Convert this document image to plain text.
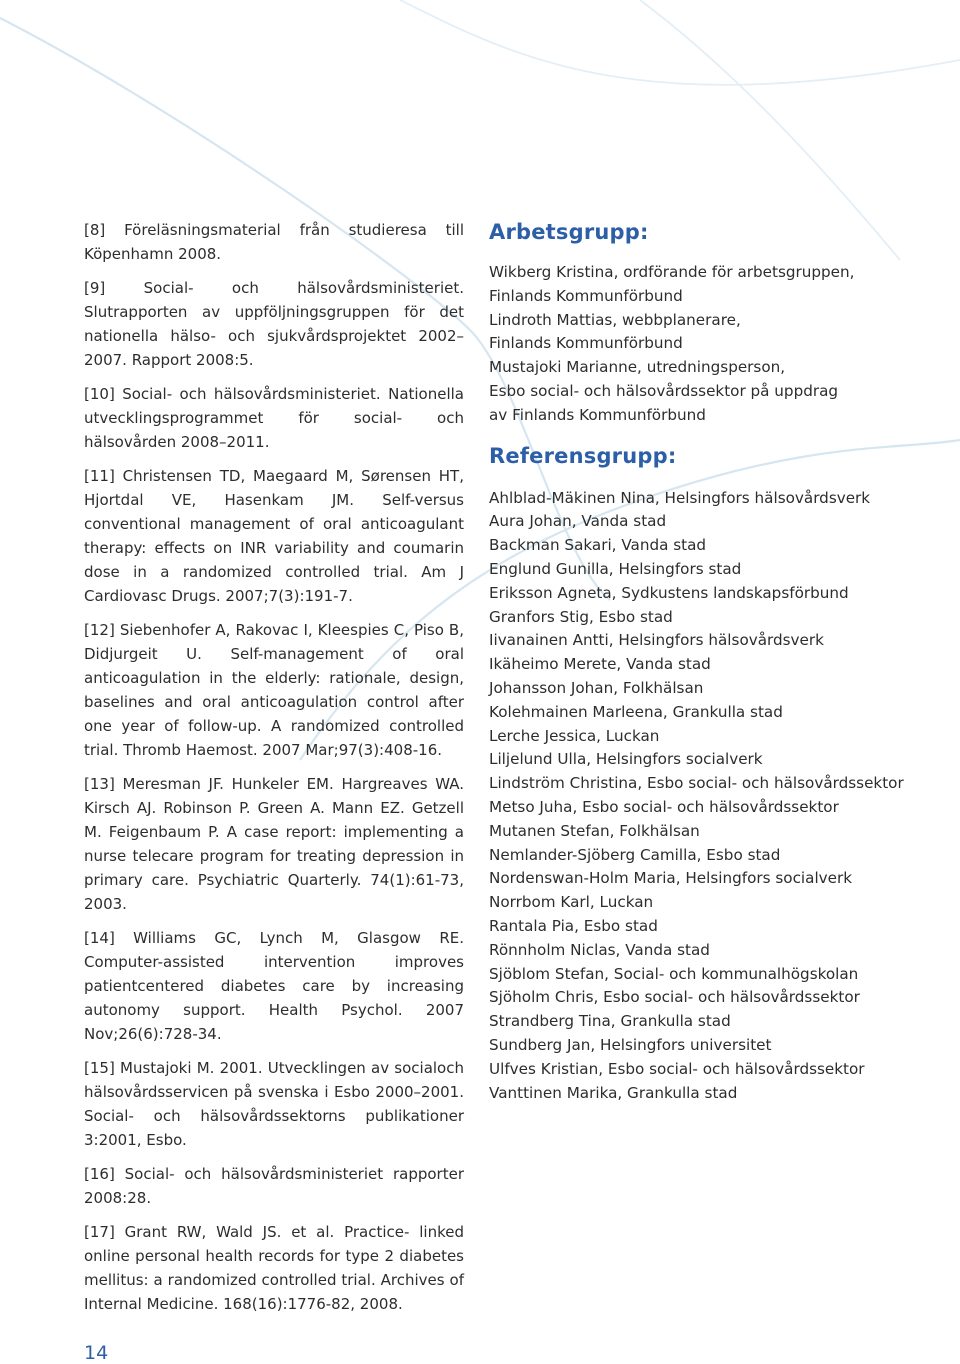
[8] Föreläsningsmaterial från studieresa till Köpenhamn 2008.

[9] Social- och hälsovårdsministeriet. Slutrapporten av uppföljningsgruppen för det nationella hälso- och sjukvårdsprojektet 2002–2007. Rapport 2008:5.

[10] Social- och hälsovårdsministeriet. Nationella utvecklingsprogrammet för social- och hälsovården 2008–2011.

[11] Christensen TD, Maegaard M, Sørensen HT, Hjortdal VE, Hasenkam JM. Self-versus conventional management of oral anticoagulant therapy: effects on INR variability and coumarin dose in a randomized controlled trial. Am J Cardiovasc Drugs. 2007;7(3):191-7.

[12] Siebenhofer A, Rakovac I, Kleespies C, Piso B, Didjurgeit U. Self-management of oral anticoagulation in the elderly: rationale, design, baselines and oral anticoagulation control after one year of follow-up. A randomized controlled trial. Thromb Haemost. 2007 Mar;97(3):408-16.

[13] Meresman JF. Hunkeler EM. Hargreaves WA. Kirsch AJ. Robinson P. Green A. Mann EZ. Getzell M. Feigenbaum P. A case report: implementing a nurse telecare program for treating depression in primary care. Psychiatric Quarterly. 74(1):61-73, 2003.

[14] Williams GC, Lynch M, Glasgow RE. Computer-assisted intervention improves patientcentered diabetes care by increasing autonomy support. Health Psychol. 2007 Nov;26(6):728-34.

[15] Mustajoki M. 2001. Utvecklingen av socialoch hälsovårdsservicen på svenska i Esbo 2000–2001. Social- och hälsovårdssektorns publikationer 3:2001, Esbo.

[16] Social- och hälsovårdsministeriet rapporter 2008:28.

[17] Grant RW, Wald JS. et al. Practice- linked online personal health records for type 2 diabetes mellitus: a randomized controlled trial. Archives of Internal Medicine. 168(16):1776-82, 2008.

Arbetsgrupp:
Wikberg Kristina, ordförande för arbetsgruppen,
Finlands Kommunförbund
Lindroth Mattias, webbplanerare,
Finlands Kommunförbund
Mustajoki Marianne, utredningsperson,
Esbo social- och hälsovårdssektor på uppdrag
av Finlands Kommunförbund
Referensgrupp:
Ahlblad-Mäkinen Nina, Helsingfors hälsovårdsverk
Aura Johan, Vanda stad
Backman Sakari, Vanda stad
Englund Gunilla, Helsingfors stad
Eriksson Agneta, Sydkustens landskapsförbund
Granfors Stig, Esbo stad
Iivanainen Antti, Helsingfors hälsovårdsverk
Ikäheimo Merete, Vanda stad
Johansson Johan, Folkhälsan
Kolehmainen Marleena, Grankulla stad
Lerche Jessica, Luckan
Liljelund Ulla, Helsingfors socialverk
Lindström Christina, Esbo social- och hälsovårdssektor
Metso Juha, Esbo social- och hälsovårdssektor
Mutanen Stefan, Folkhälsan
Nemlander-Sjöberg Camilla, Esbo stad
Nordenswan-Holm Maria, Helsingfors socialverk
Norrbom Karl, Luckan
Rantala Pia, Esbo stad
Rönnholm Niclas, Vanda stad
Sjöblom Stefan, Social- och kommunalhögskolan
Sjöholm Chris, Esbo social- och hälsovårdssektor
Strandberg Tina, Grankulla stad
Sundberg Jan, Helsingfors universitet
Ulfves Kristian, Esbo social- och hälsovårdssektor
Vanttinen Marika, Grankulla stad
14
